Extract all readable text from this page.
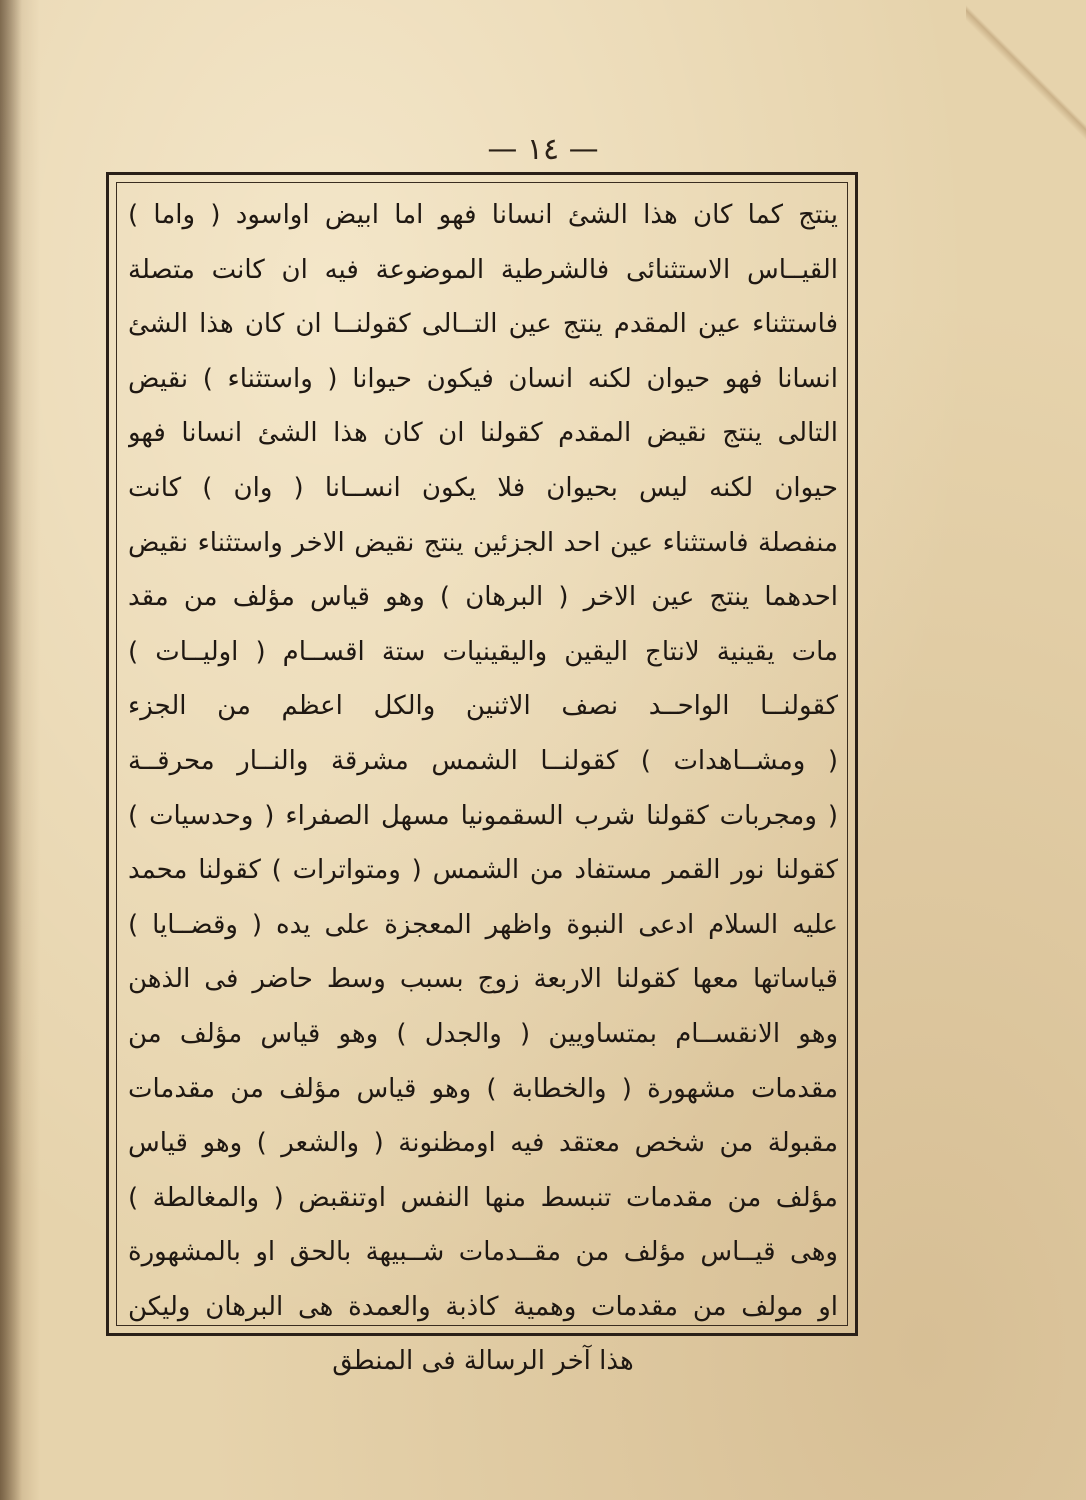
— ١٤ —
ينتج كما كان هذا الشئ انسانا فهو اما ابيض اواسود ( واما )
القيــاس الاستثنائى فالشرطية الموضوعة فيه ان كانت متصلة
فاستثناء عين المقدم ينتج عين التــالى كقولنــا ان كان هذا الشئ
انسانا فهو حيوان لكنه انسان فيكون حيوانا ( واستثناء ) نقيض
التالى ينتج نقيض المقدم كقولنا ان كان هذا الشئ انسانا فهو
حيوان لكنه ليس بحيوان فلا يكون انســانا ( وان ) كانت
منفصلة فاستثناء عين احد الجزئين ينتج نقيض الاخر واستثناء نقيض
احدهما ينتج عين الاخر ( البرهان ) وهو قياس مؤلف من مقد
مات يقينية لانتاج اليقين واليقينيات ستة اقســام ( اوليــات )
كقولنــا الواحــد نصف الاثنين والكل اعظم من الجزء
( ومشــاهدات ) كقولنــا الشمس مشرقة والنــار محرقــة
( ومجربات كقولنا شرب السقمونيا مسهل الصفراء ( وحدسيات )
كقولنا نور القمر مستفاد من الشمس ( ومتواترات ) كقولنا محمد
عليه السلام ادعى النبوة واظهر المعجزة على يده ( وقضــايا )
قياساتها معها كقولنا الاربعة زوج بسبب وسط حاضر فى الذهن
وهو الانقســام بمتساويين ( والجدل ) وهو قياس مؤلف من
مقدمات مشهورة ( والخطابة ) وهو قياس مؤلف من مقدمات
مقبولة من شخص معتقد فيه اومظنونة ( والشعر ) وهو قياس
مؤلف من مقدمات تنبسط منها النفس اوتنقبض ( والمغالطة )
وهى قيــاس مؤلف من مقــدمات شــبيهة بالحق او بالمشهورة
او مولف من مقدمات وهمية كاذبة والعمدة هى البرهان وليكن
هذا آخر الرسالة فى المنطق
